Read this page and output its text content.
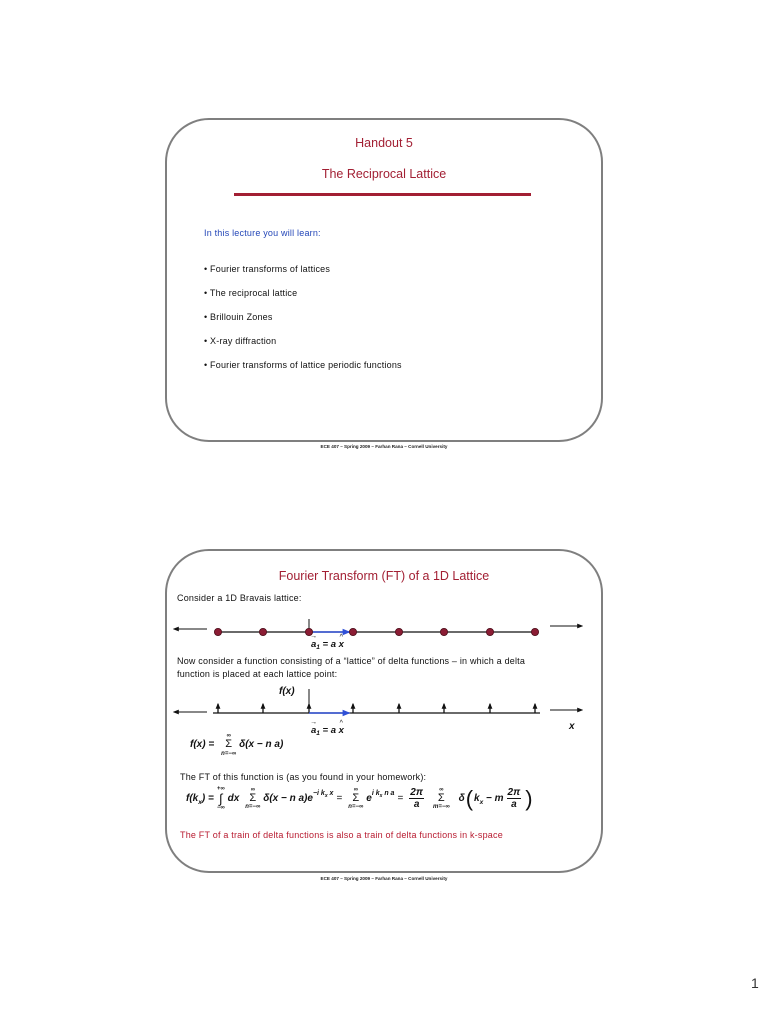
Handout 5
The Reciprocal Lattice
In this lecture you will learn:
• Fourier transforms of lattices
• The reciprocal lattice
• Brillouin Zones
• X-ray diffraction
• Fourier transforms of lattice periodic functions
ECE 407 – Spring 2009 – Farhan Rana – Cornell University
Fourier Transform (FT) of a 1D Lattice
Consider a 1D Bravais lattice:
→
$a_1 = a$
^
x
Now consider a function consisting of a “lattice” of delta functions – in which a delta
function is placed at each lattice point:
f(x)
x
→
$a_1 = a$
^
x
f(x) =
∞
Σ
n=−∞
δ(x − n a)
The FT of this function is (as you found in your homework):
$f(k_x)$ =
+∞
∫
−∞
dx
∞
Σ
n=−∞
δ(x − n a)e−i $k_x$ x =
∞
Σ
n=−∞
ei $k_x$ n $a = \frac{2\pi}{a}$	∞
Σ
m=−∞
δ ( $k_x - m \frac{2\pi}{a}$ )
The FT of a train of delta functions is also a train of delta functions in k-space
ECE 407 – Spring 2009 – Farhan Rana – Cornell University
1
